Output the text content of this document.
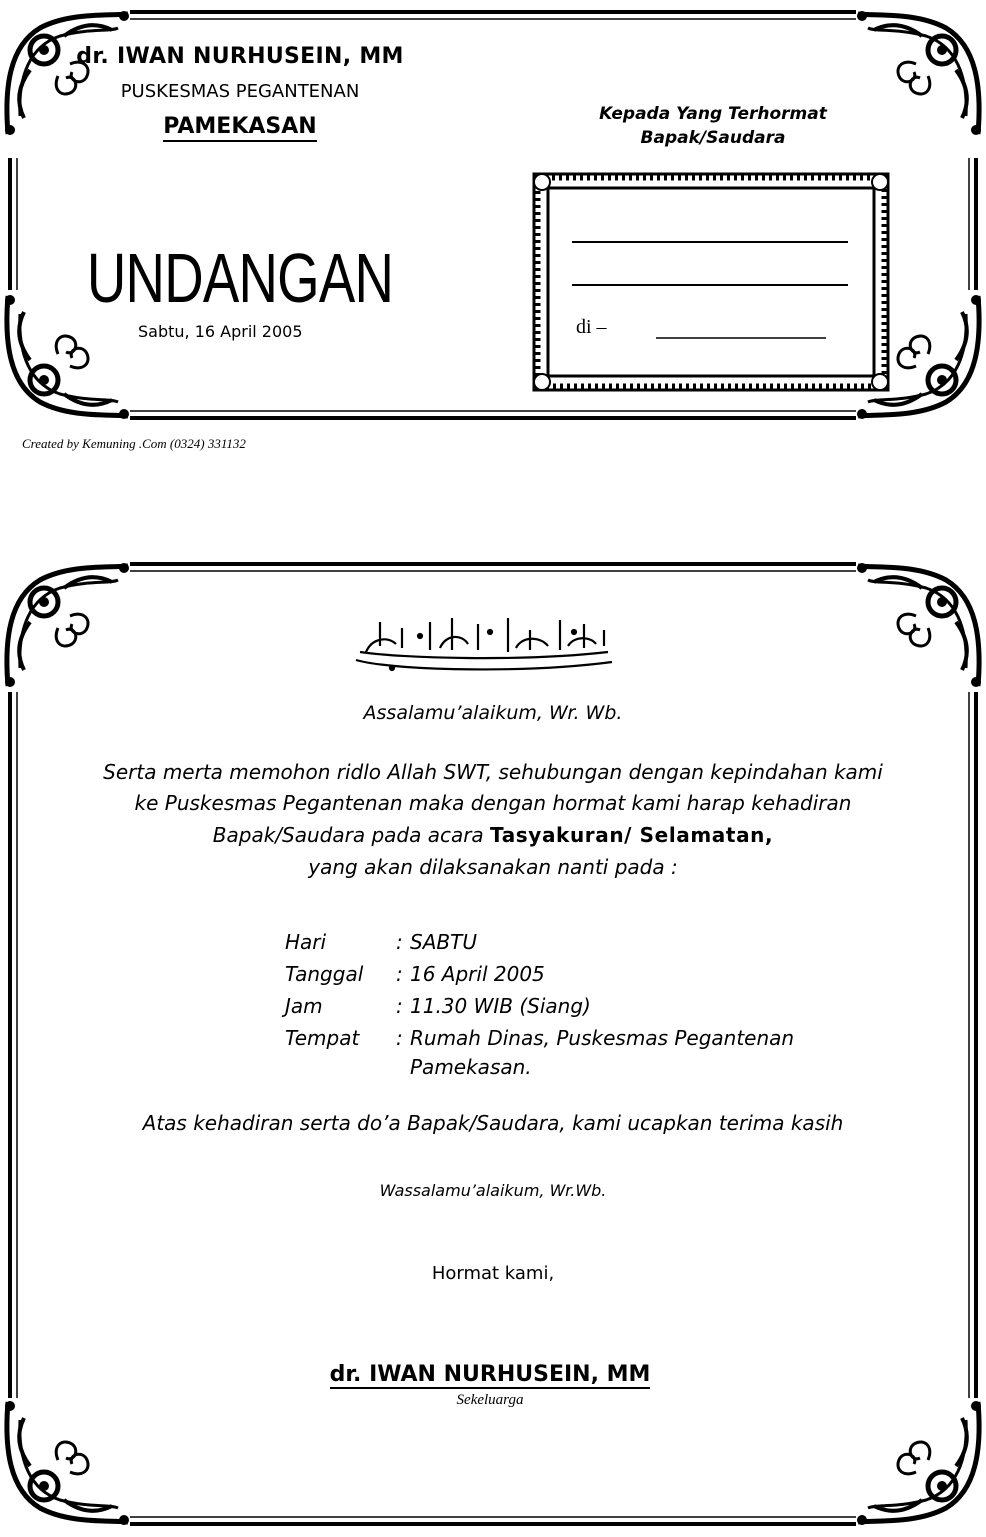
dr. IWAN NURHUSEIN, MM
PUSKESMAS PEGANTENAN
PAMEKASAN
UNDANGAN
Sabtu, 16 April 2005
Kepada Yang Terhormat
Bapak/Saudara
di –
Created by Kemuning .Com (0324) 331132
Assalamu’alaikum, Wr. Wb.
Serta merta memohon ridlo Allah SWT, sehubungan dengan kepindahan kami
ke Puskesmas Pegantenan maka dengan hormat kami harap kehadiran
Bapak/Saudara pada acara Tasyakuran/ Selamatan,
yang akan dilaksanakan nanti pada :
Hari	: SABTU
Tanggal : 16 April 2005
Jam	: 11.30 WIB (Siang)
Tempat : Rumah Dinas, Puskesmas Pegantenan
Pamekasan.
Atas kehadiran serta do’a Bapak/Saudara, kami ucapkan terima kasih
Wassalamu’alaikum, Wr.Wb.
Hormat kami,
dr. IWAN NURHUSEIN, MM
Sekeluarga
